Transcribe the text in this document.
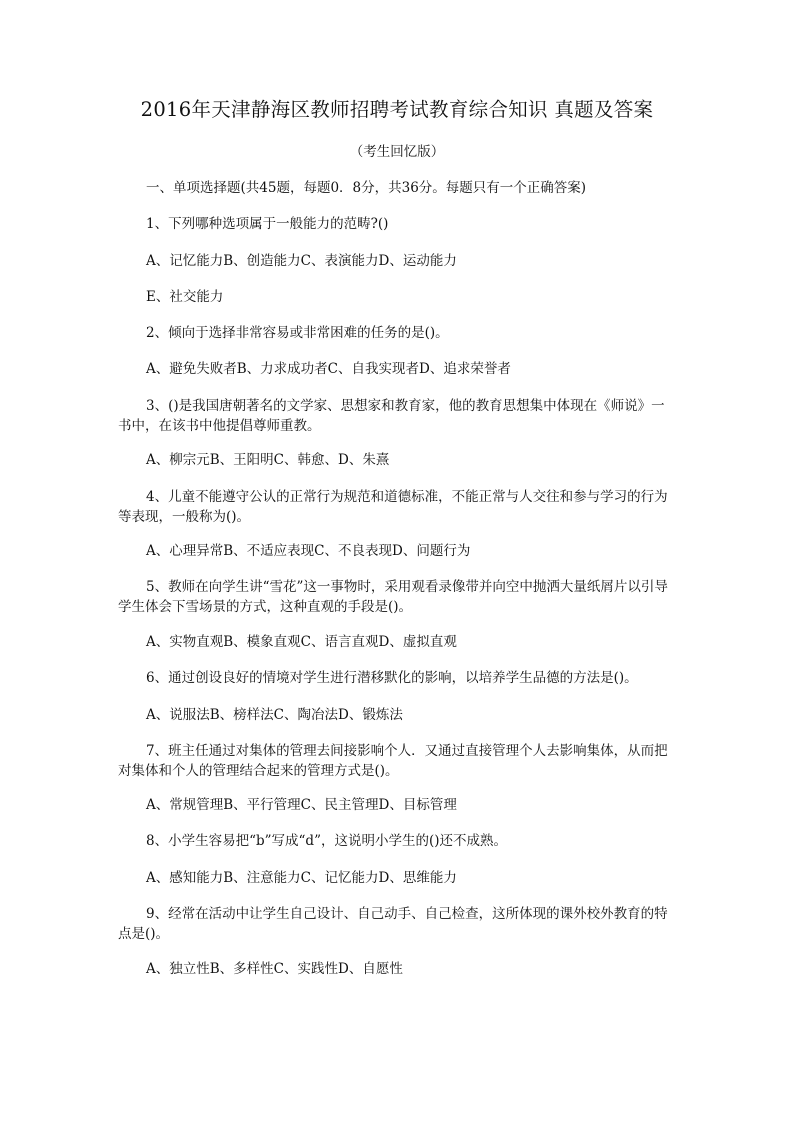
2016年天津静海区教师招聘考试教育综合知识 真题及答案
（考生回忆版）

一、单项选择题(共45题，每题0．8分，共36分。每题只有一个正确答案)

1、下列哪种选项属于一般能力的范畴?()

A、记忆能力B、创造能力C、表演能力D、运动能力

E、社交能力

2、倾向于选择非常容易或非常困难的任务的是()。

A、避免失败者B、力求成功者C、自我实现者D、追求荣誉者

3、()是我国唐朝著名的文学家、思想家和教育家，他的教育思想集中体现在《师说》一书中，在该书中他提倡尊师重教。

A、柳宗元B、王阳明C、韩愈、D、朱熹

4、儿童不能遵守公认的正常行为规范和道德标准，不能正常与人交往和参与学习的行为等表现，一般称为()。

A、心理异常B、不适应表现C、不良表现D、问题行为

5、教师在向学生讲“雪花”这一事物时，采用观看录像带并向空中抛洒大量纸屑片以引导学生体会下雪场景的方式，这种直观的手段是()。

A、实物直观B、模象直观C、语言直观D、虚拟直观

6、通过创设良好的情境对学生进行潜移默化的影响，以培养学生品德的方法是()。

A、说服法B、榜样法C、陶冶法D、锻炼法

7、班主任通过对集体的管理去间接影响个人．又通过直接管理个人去影响集体，从而把对集体和个人的管理结合起来的管理方式是()。

A、常规管理B、平行管理C、民主管理D、目标管理

8、小学生容易把“b”写成“d”，这说明小学生的()还不成熟。

A、感知能力B、注意能力C、记忆能力D、思维能力

9、经常在活动中让学生自己设计、自己动手、自己检查，这所体现的课外校外教育的特点是()。

A、独立性B、多样性C、实践性D、自愿性
